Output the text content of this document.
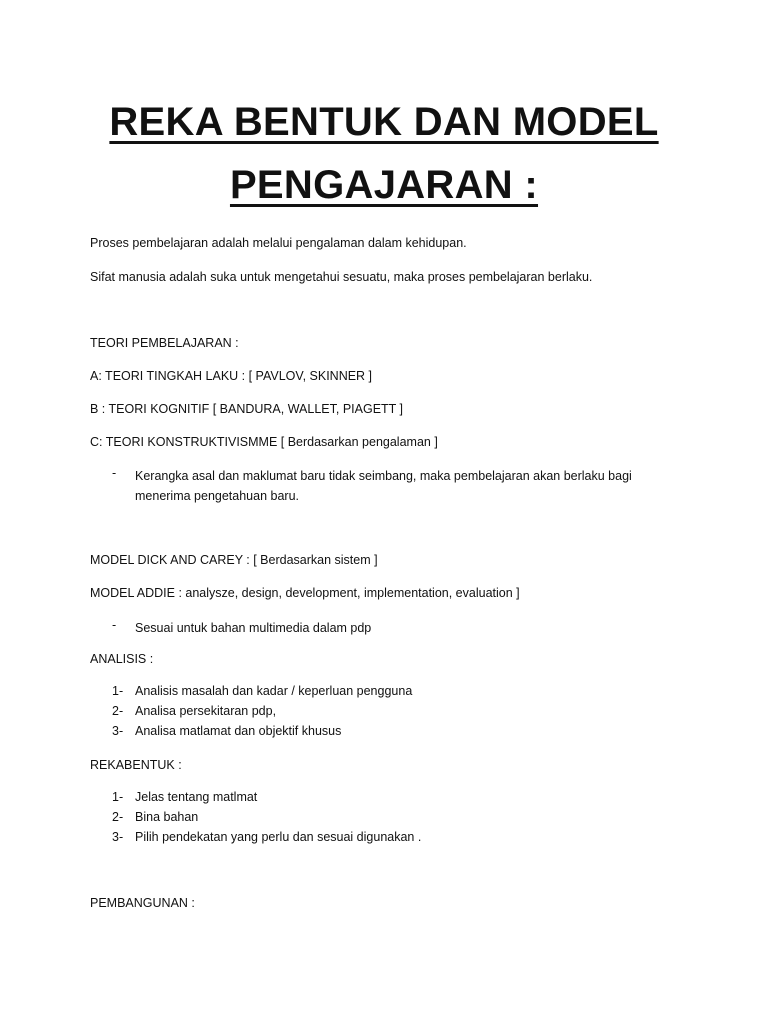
REKA BENTUK DAN MODEL
PENGAJARAN :

Proses pembelajaran adalah melalui pengalaman dalam kehidupan.

Sifat manusia adalah suka untuk mengetahui sesuatu, maka proses pembelajaran berlaku.

TEORI PEMBELAJARAN :

A: TEORI TINGKAH LAKU : [ PAVLOV, SKINNER ]

B : TEORI KOGNITIF [ BANDURA, WALLET, PIAGETT ]

C: TEORI KONSTRUKTIVISMME [ Berdasarkan pengalaman ]

- Kerangka asal dan maklumat baru tidak seimbang, maka pembelajaran akan berlaku bagi menerima pengetahuan baru.

MODEL DICK AND CAREY : [ Berdasarkan sistem ]

MODEL ADDIE : analysze, design, development, implementation, evaluation ]

- Sesuai untuk bahan multimedia dalam pdp

ANALISIS :

1- Analisis masalah dan kadar / keperluan pengguna
2- Analisa persekitaran pdp,
3- Analisa matlamat dan objektif khusus

REKABENTUK :

1- Jelas tentang matlmat
2- Bina bahan
3- Pilih pendekatan yang perlu dan sesuai digunakan .

PEMBANGUNAN :
